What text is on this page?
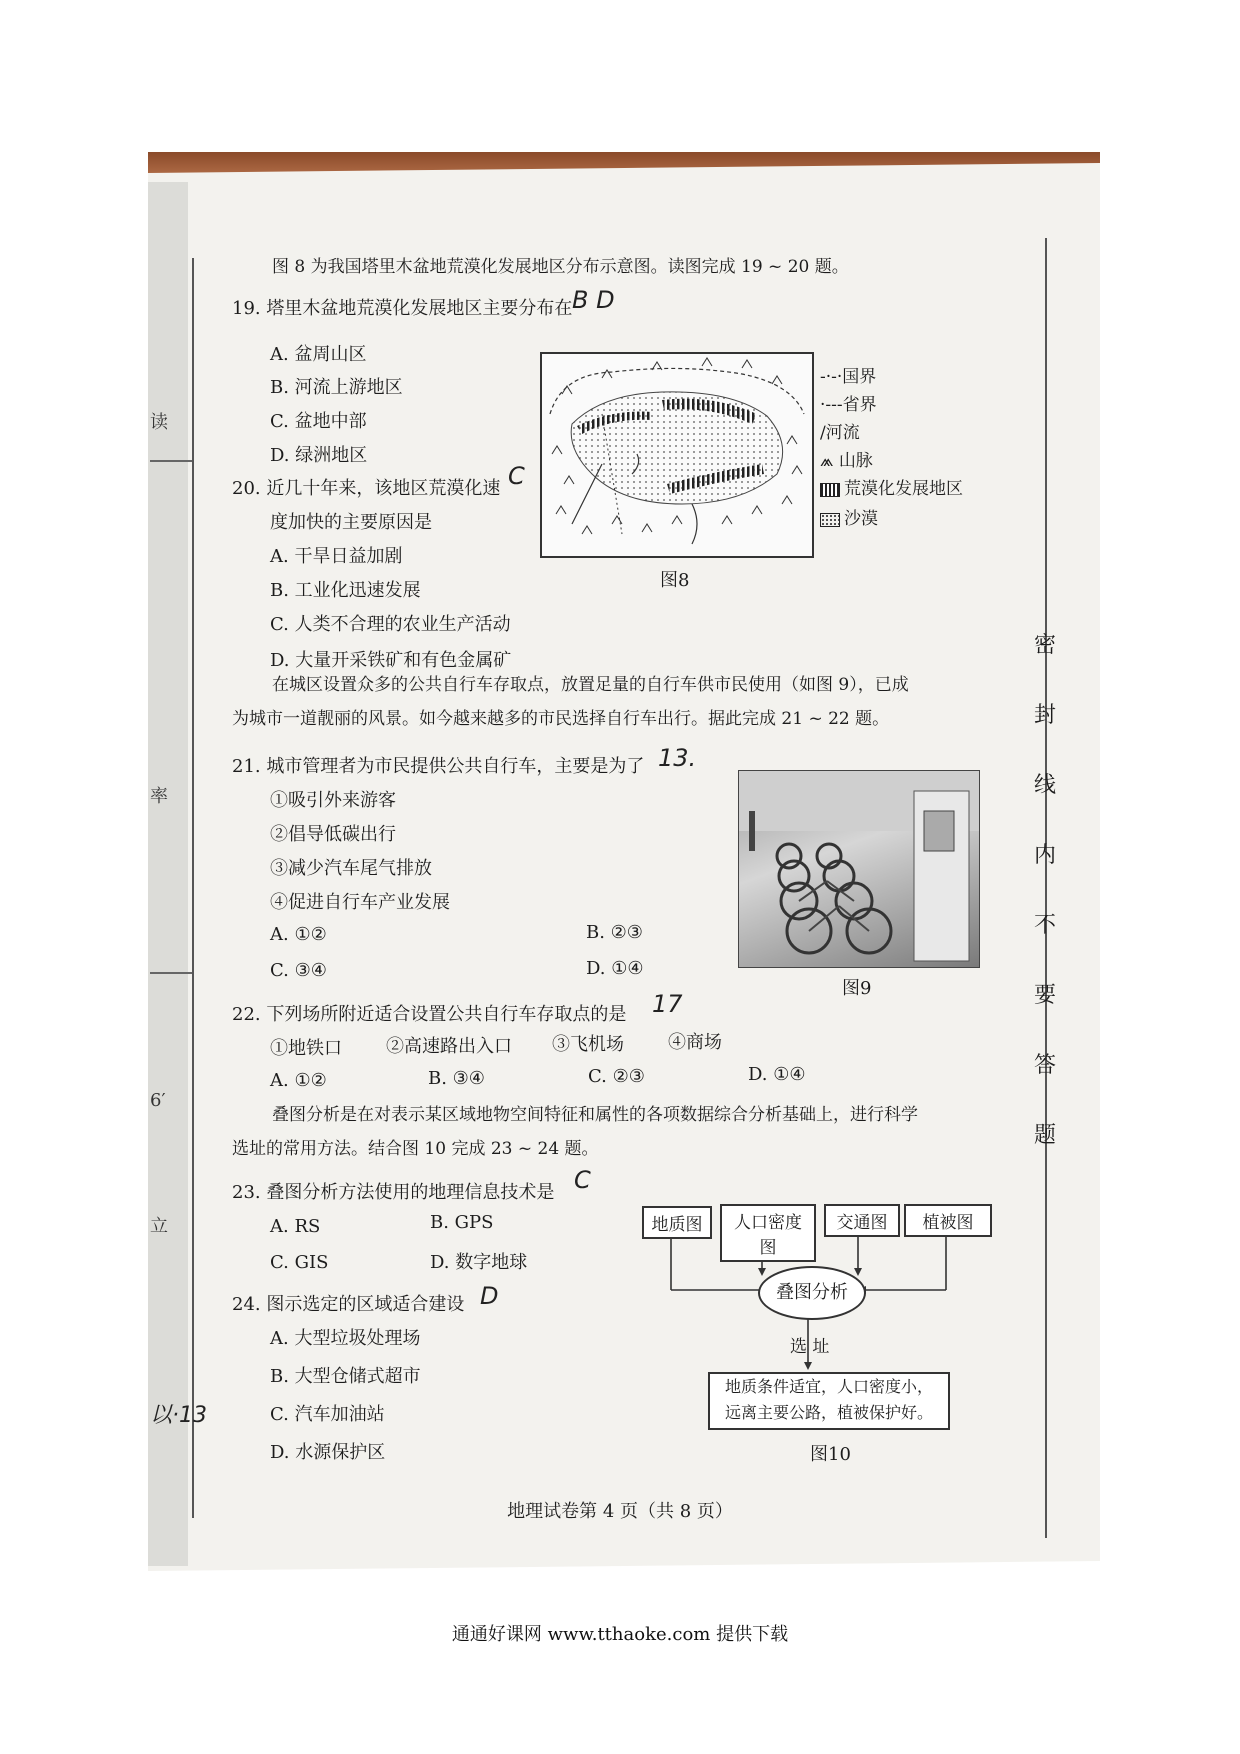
读
率
6′
立
以·13
密
封
线
内
不
要
答
题
图 8 为我国塔里木盆地荒漠化发展地区分布示意图。读图完成 19 ~ 20 题。
19. 塔里木盆地荒漠化发展地区主要分布在 B D
A. 盆周山区
B. 河流上游地区
C. 盆地中部
D. 绿洲地区
20. 近几十年来，该地区荒漠化速 C
度加快的主要原因是
A. 干旱日益加剧
B. 工业化迅速发展
C. 人类不合理的农业生产活动
D. 大量开采铁矿和有色金属矿
-·-·国界
·---省界
∕河流
⩕ 山脉
荒漠化发展地区
沙漠
图8
在城区设置众多的公共自行车存取点，放置足量的自行车供市民使用（如图 9），已成
为城市一道靓丽的风景。如今越来越多的市民选择自行车出行。据此完成 21 ~ 22 题。
21. 城市管理者为市民提供公共自行车，主要是为了 13.
①吸引外来游客
②倡导低碳出行
③减少汽车尾气排放
④促进自行车产业发展
A. ①②	B. ②③
C. ③④	D. ①④
图9
22. 下列场所附近适合设置公共自行车存取点的是 17
①地铁口 ②高速路出入口 ③飞机场 ④商场
A. ①②	B. ③④	C. ②③	D. ①④
叠图分析是在对表示某区域地物空间特征和属性的各项数据综合分析基础上，进行科学
选址的常用方法。结合图 10 完成 23 ~ 24 题。
23. 叠图分析方法使用的地理信息技术是 C
A. RS	B. GPS
C. GIS	D. 数字地球
24. 图示选定的区域适合建设 D
A. 大型垃圾处理场
B. 大型仓储式超市
C. 汽车加油站
D. 水源保护区
地质图	人口密度图
交通图	植被图
叠图分析
选 址
地质条件适宜，人口密度小，
远离主要公路，植被保护好。
图10
地理试卷第 4 页（共 8 页）
通通好课网 www.tthaoke.com 提供下载
